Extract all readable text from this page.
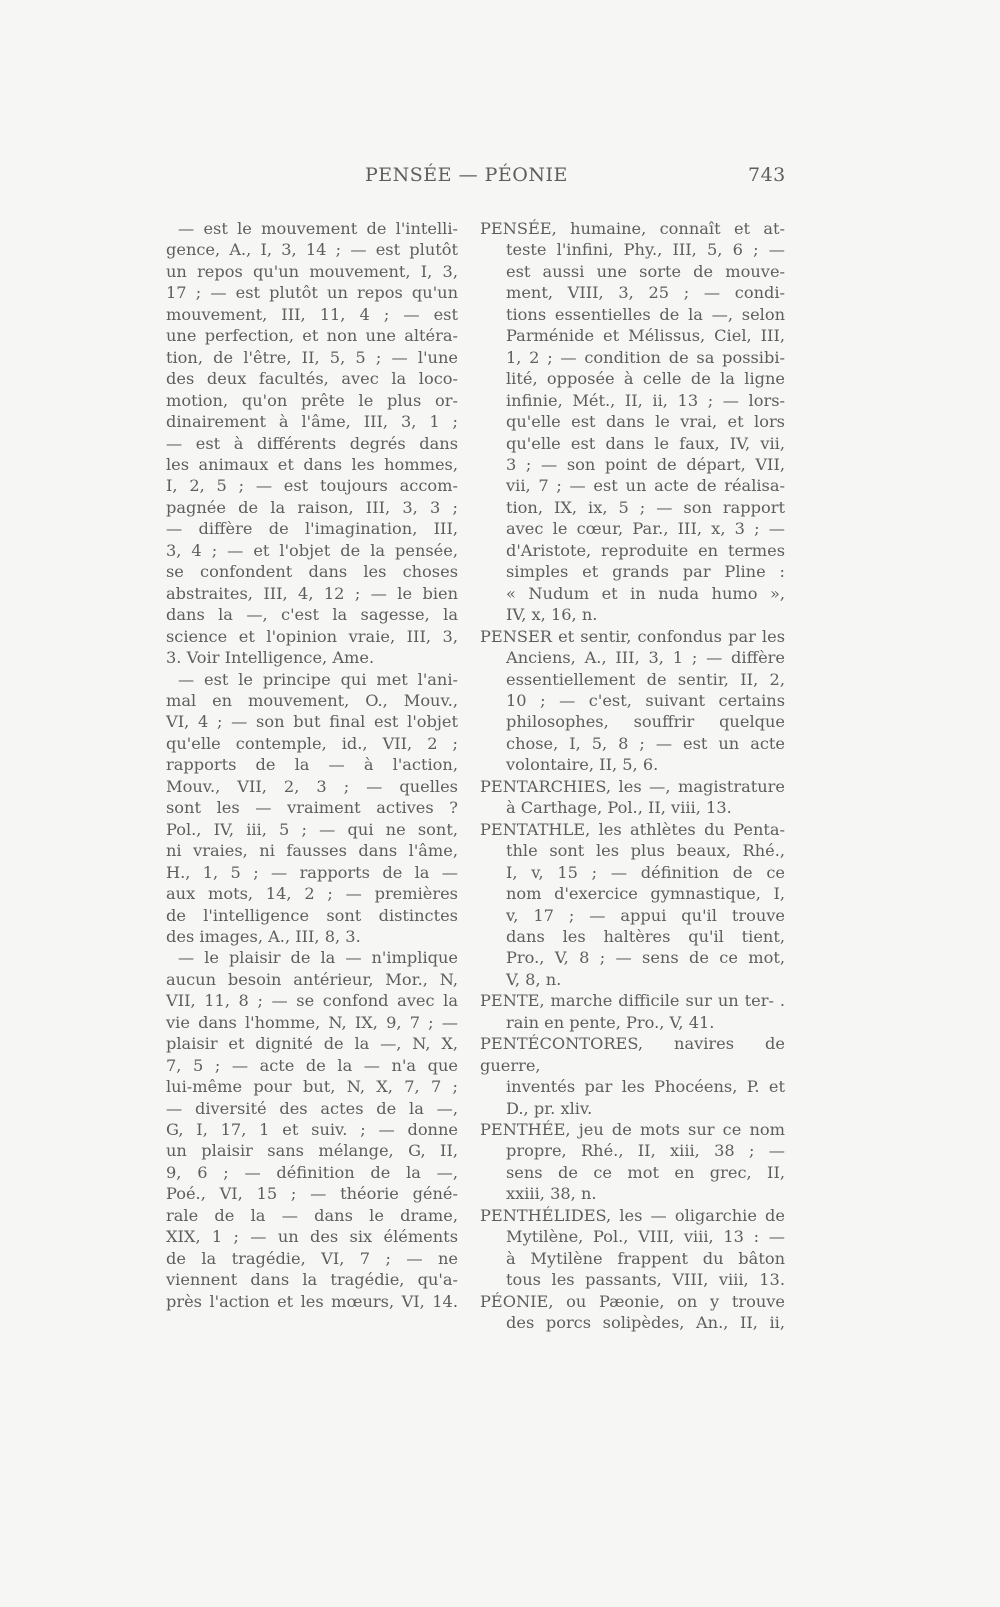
PENSÉE — PÉONIE	743
— est le mouvement de l'intelli-
gence, A., I, 3, 14 ; — est plutôt
un repos qu'un mouvement, I, 3,
17 ; — est plutôt un repos qu'un
mouvement, III, 11, 4 ; — est
une perfection, et non une altéra-
tion, de l'être, II, 5, 5 ; — l'une
des deux facultés, avec la loco-
motion, qu'on prête le plus or-
dinairement à l'âme, III, 3, 1 ;
— est à différents degrés dans
les animaux et dans les hommes,
I, 2, 5 ; — est toujours accom-
pagnée de la raison, III, 3, 3 ;
— diffère de l'imagination, III,
3, 4 ; — et l'objet de la pensée,
se confondent dans les choses
abstraites, III, 4, 12 ; — le bien
dans la —, c'est la sagesse, la
science et l'opinion vraie, III, 3,
3. Voir Intelligence, Ame.
— est le principe qui met l'ani-
mal en mouvement, O., Mouv.,
VI, 4 ; — son but final est l'objet
qu'elle contemple, id., VII, 2 ;
rapports de la — à l'action,
Mouv., VII, 2, 3 ; — quelles
sont les — vraiment actives ?
Pol., IV, iii, 5 ; — qui ne sont,
ni vraies, ni fausses dans l'âme,
H., 1, 5 ; — rapports de la —
aux mots, 14, 2 ; — premières
de l'intelligence sont distinctes
des images, A., III, 8, 3.
— le plaisir de la — n'implique
aucun besoin antérieur, Mor., N,
VII, 11, 8 ; — se confond avec la
vie dans l'homme, N, IX, 9, 7 ; —
plaisir et dignité de la —, N, X,
7, 5 ; — acte de la — n'a que
lui-même pour but, N, X, 7, 7 ;
— diversité des actes de la —,
G, I, 17, 1 et suiv. ; — donne
un plaisir sans mélange, G, II,
9, 6 ; — définition de la —,
Poé., VI, 15 ; — théorie géné-
rale de la — dans le drame,
XIX, 1 ; — un des six éléments
de la tragédie, VI, 7 ; — ne
viennent dans la tragédie, qu'a-
près l'action et les mœurs, VI, 14.
PENSÉE, humaine, connaît et at-
teste l'infini, Phy., III, 5, 6 ; —
est aussi une sorte de mouve-
ment, VIII, 3, 25 ; — condi-
tions essentielles de la —, selon
Parménide et Mélissus, Ciel, III,
1, 2 ; — condition de sa possibi-
lité, opposée à celle de la ligne
infinie, Mét., II, ii, 13 ; — lors-
qu'elle est dans le vrai, et lors
qu'elle est dans le faux, IV, vii,
3 ; — son point de départ, VII,
vii, 7 ; — est un acte de réalisa-
tion, IX, ix, 5 ; — son rapport
avec le cœur, Par., III, x, 3 ; —
d'Aristote, reproduite en termes
simples et grands par Pline :
« Nudum et in nuda humo »,
IV, x, 16, n.
PENSER et sentir, confondus par les
Anciens, A., III, 3, 1 ; — diffère
essentiellement de sentir, II, 2,
10 ; — c'est, suivant certains
philosophes, souffrir quelque
chose, I, 5, 8 ; — est un acte
volontaire, II, 5, 6.
PENTARCHIES, les —, magistrature
à Carthage, Pol., II, viii, 13.
PENTATHLE, les athlètes du Penta-
thle sont les plus beaux, Rhé.,
I, v, 15 ; — définition de ce
nom d'exercice gymnastique, I,
v, 17 ; — appui qu'il trouve
dans les haltères qu'il tient,
Pro., V, 8 ; — sens de ce mot,
V, 8, n.
PENTE, marche difficile sur un ter- .
rain en pente, Pro., V, 41.
PENTÉCONTORES, navires de guerre,
inventés par les Phocéens, P. et
D., pr. xliv.
PENTHÉE, jeu de mots sur ce nom
propre, Rhé., II, xiii, 38 ; —
sens de ce mot en grec, II,
xxiii, 38, n.
PENTHÉLIDES, les — oligarchie de
Mytilène, Pol., VIII, viii, 13 : —
à Mytilène frappent du bâton
tous les passants, VIII, viii, 13.
PÉONIE, ou Pæonie, on y trouve
des porcs solipèdes, An., II, ii,
